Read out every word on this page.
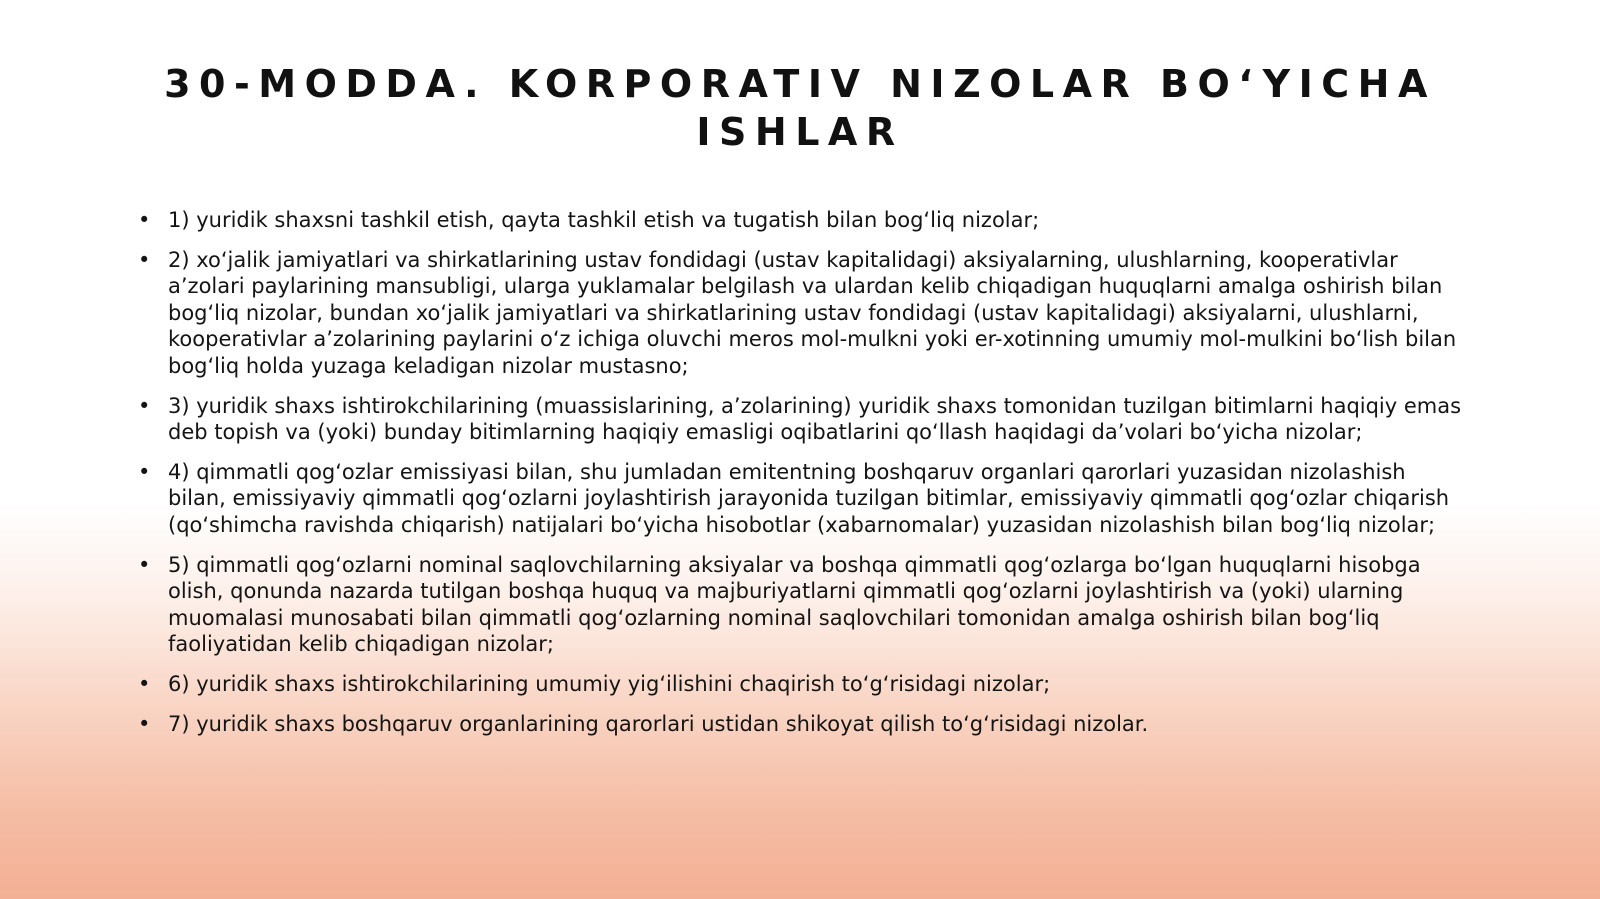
30-MODDA. KORPORATIV NIZOLAR BO‘YICHA ISHLAR
• 1) yuridik shaxsni tashkil etish, qayta tashkil etish va tugatish bilan bog‘liq nizolar;
• 2) xo‘jalik jamiyatlari va shirkatlarining ustav fondidagi (ustav kapitalidagi) aksiyalarning, ulushlarning, kooperativlar a’zolari paylarining mansubligi, ularga yuklamalar belgilash va ulardan kelib chiqadigan huquqlarni amalga oshirish bilan bog‘liq nizolar, bundan xo‘jalik jamiyatlari va shirkatlarining ustav fondidagi (ustav kapitalidagi) aksiyalarni, ulushlarni, kooperativlar a’zolarining paylarini o‘z ichiga oluvchi meros mol-mulkni yoki er-xotinning umumiy mol-mulkini bo‘lish bilan bog‘liq holda yuzaga keladigan nizolar mustasno;
• 3) yuridik shaxs ishtirokchilarining (muassislarining, a’zolarining) yuridik shaxs tomonidan tuzilgan bitimlarni haqiqiy emas deb topish va (yoki) bunday bitimlarning haqiqiy emasligi oqibatlarini qo‘llash haqidagi da’volari bo‘yicha nizolar;
• 4) qimmatli qog‘ozlar emissiyasi bilan, shu jumladan emitentning boshqaruv organlari qarorlari yuzasidan nizolashish bilan, emissiyaviy qimmatli qog‘ozlarni joylashtirish jarayonida tuzilgan bitimlar, emissiyaviy qimmatli qog‘ozlar chiqarish (qo‘shimcha ravishda chiqarish) natijalari bo‘yicha hisobotlar (xabarnomalar) yuzasidan nizolashish bilan bog‘liq nizolar;
• 5) qimmatli qog‘ozlarni nominal saqlovchilarning aksiyalar va boshqa qimmatli qog‘ozlarga bo‘lgan huquqlarni hisobga olish, qonunda nazarda tutilgan boshqa huquq va majburiyatlarni qimmatli qog‘ozlarni joylashtirish va (yoki) ularning muomalasi munosabati bilan qimmatli qog‘ozlarning nominal saqlovchilari tomonidan amalga oshirish bilan bog‘liq faoliyatidan kelib chiqadigan nizolar;
• 6) yuridik shaxs ishtirokchilarining umumiy yig‘ilishini chaqirish to‘g‘risidagi nizolar;
• 7) yuridik shaxs boshqaruv organlarining qarorlari ustidan shikoyat qilish to‘g‘risidagi nizolar.
